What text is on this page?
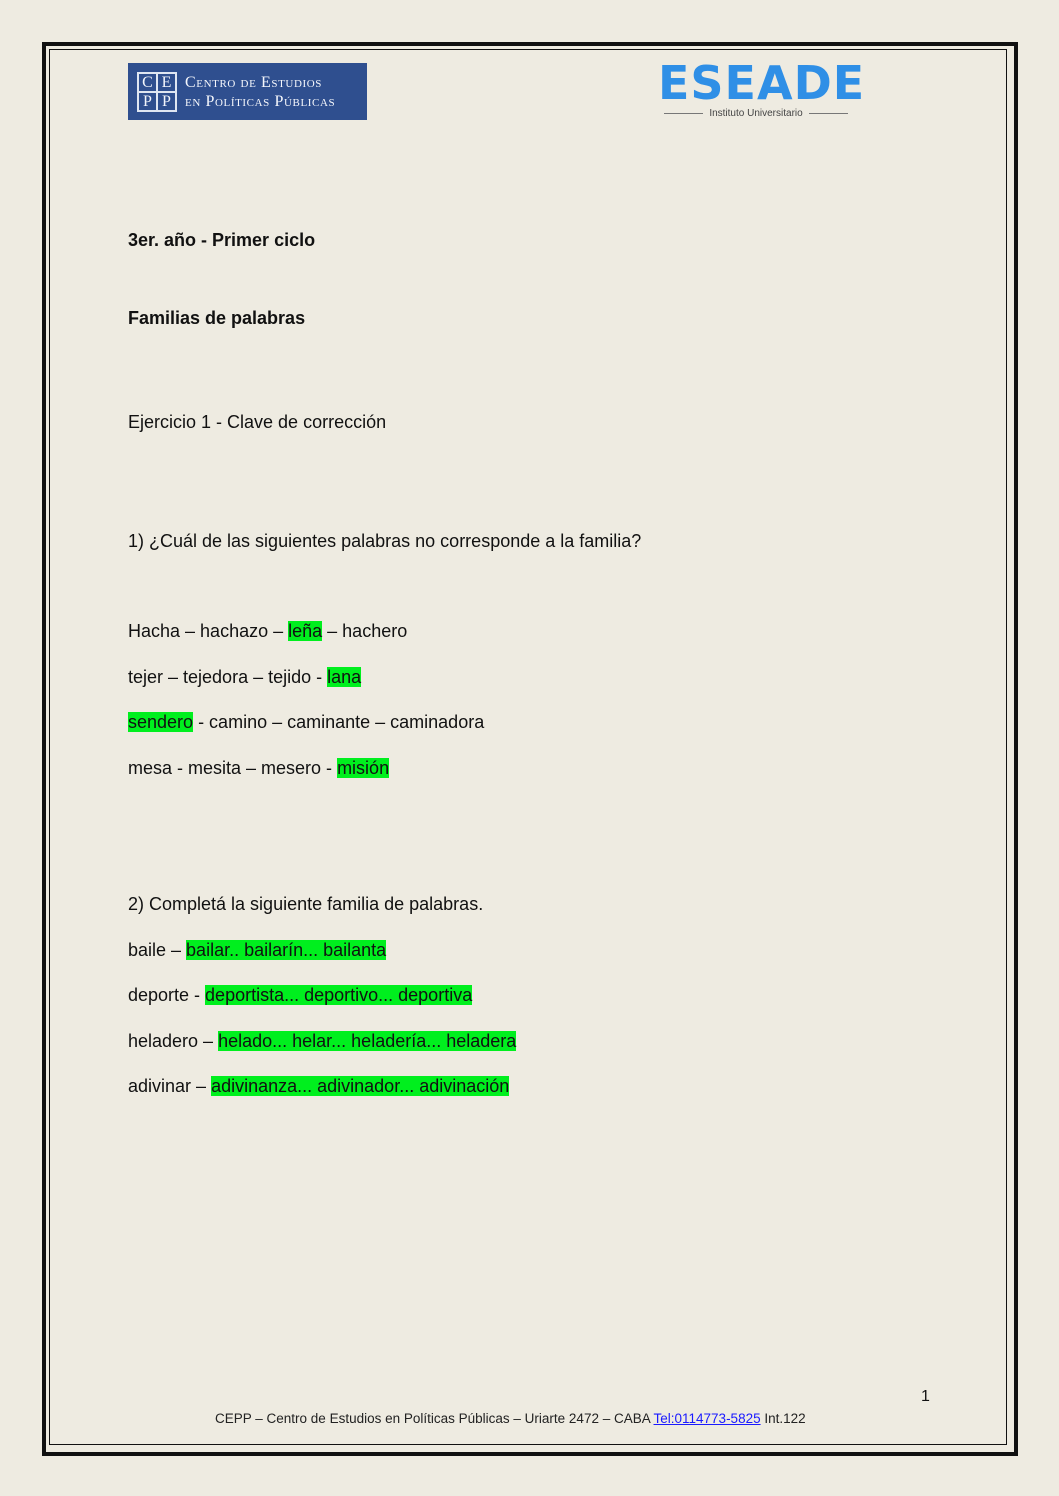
C E
P P
Centro de Estudios
en Políticas Públicas	ESEADE
Instituto Universitario
3er. año - Primer ciclo
Familias de palabras
Ejercicio 1 - Clave de corrección
1) ¿Cuál de las siguientes palabras no corresponde a la familia?
Hacha – hachazo – leña – hachero
tejer – tejedora – tejido - lana
sendero - camino – caminante – caminadora
mesa - mesita – mesero - misión
2) Completá la siguiente familia de palabras.
baile – bailar.. bailarín... bailanta
deporte - deportista... deportivo... deportiva
heladero – helado... helar... heladería... heladera
adivinar – adivinanza... adivinador... adivinación
1
CEPP – Centro de Estudios en Políticas Públicas – Uriarte 2472 – CABA Tel:0114773-5825 Int.122
